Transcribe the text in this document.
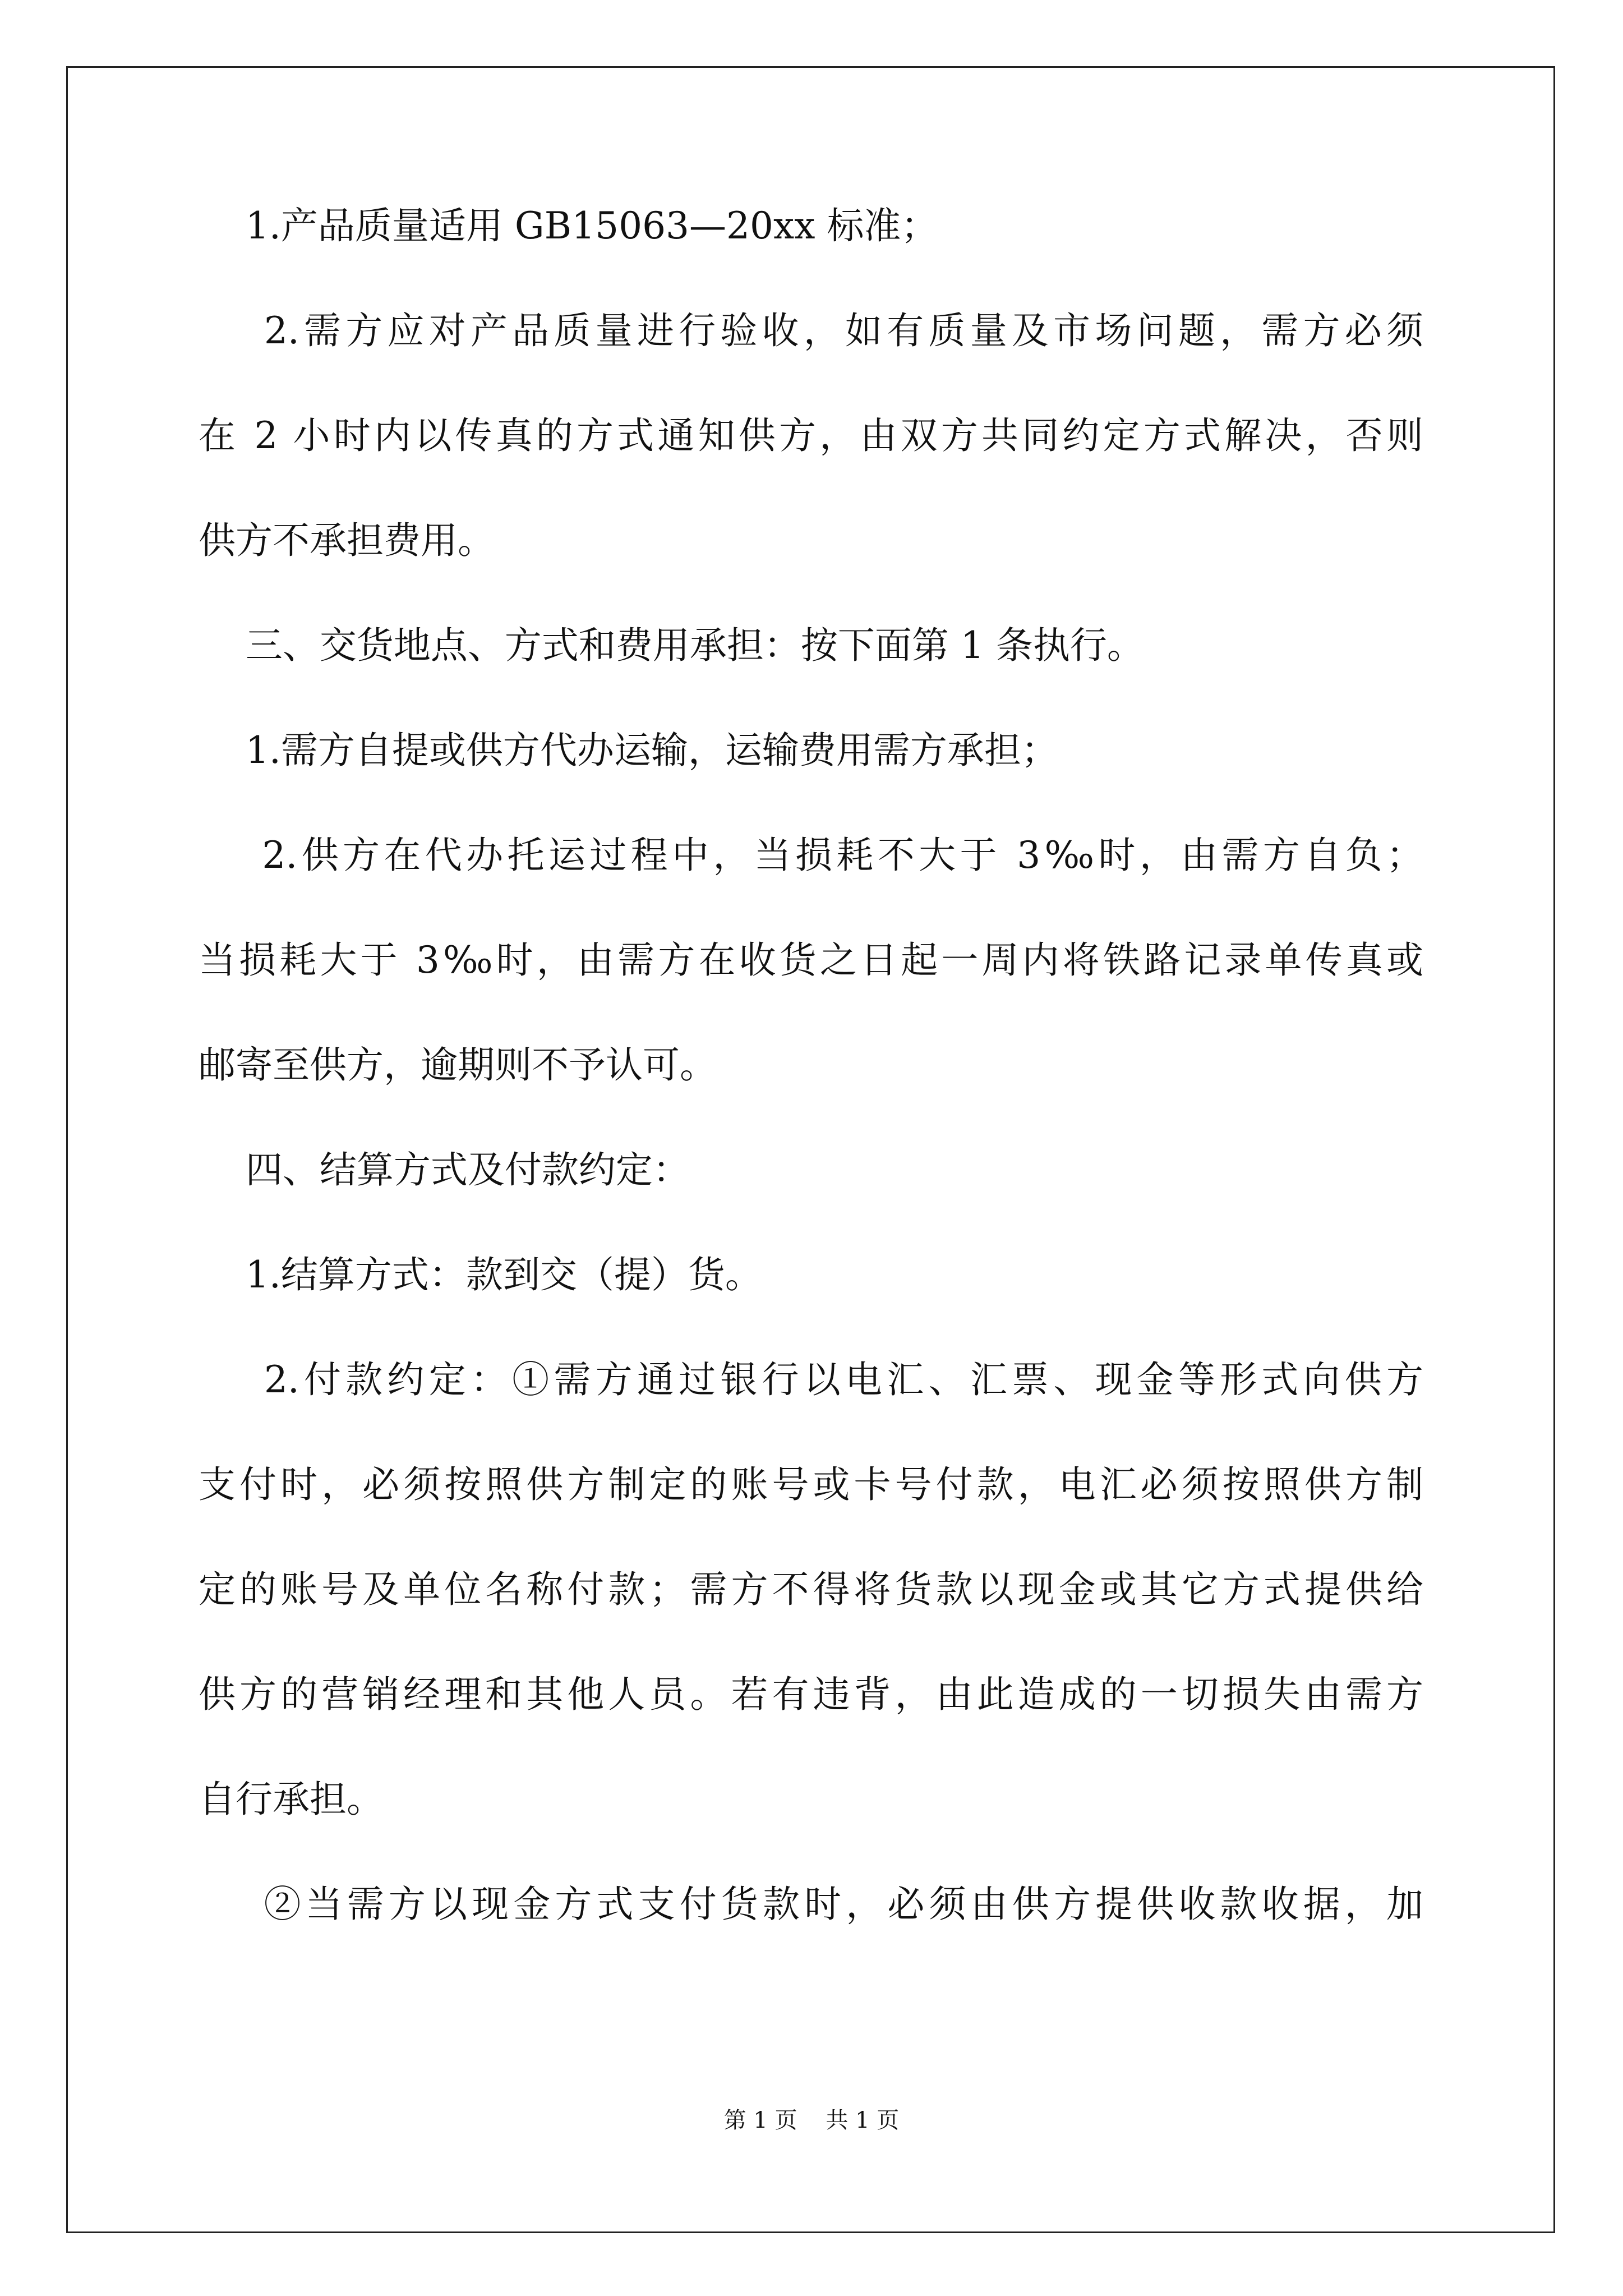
1.产品质量适用 GB15063—20xx 标准；
2.需方应对产品质量进行验收，如有质量及市场问题，需方必须
在 2 小时内以传真的方式通知供方，由双方共同约定方式解决，否则
供方不承担费用。
三、交货地点、方式和费用承担：按下面第 1 条执行。
1.需方自提或供方代办运输，运输费用需方承担；
2.供方在代办托运过程中，当损耗不大于 3‰时，由需方自负；
当损耗大于 3‰时，由需方在收货之日起一周内将铁路记录单传真或
邮寄至供方，逾期则不予认可。
四、结算方式及付款约定：
1.结算方式：款到交（提）货。
2.付款约定：①需方通过银行以电汇、汇票、现金等形式向供方
支付时，必须按照供方制定的账号或卡号付款，电汇必须按照供方制
定的账号及单位名称付款；需方不得将货款以现金或其它方式提供给
供方的营销经理和其他人员。若有违背，由此造成的一切损失由需方
自行承担。
②当需方以现金方式支付货款时，必须由供方提供收款收据，加
第 1 页    共 1 页
